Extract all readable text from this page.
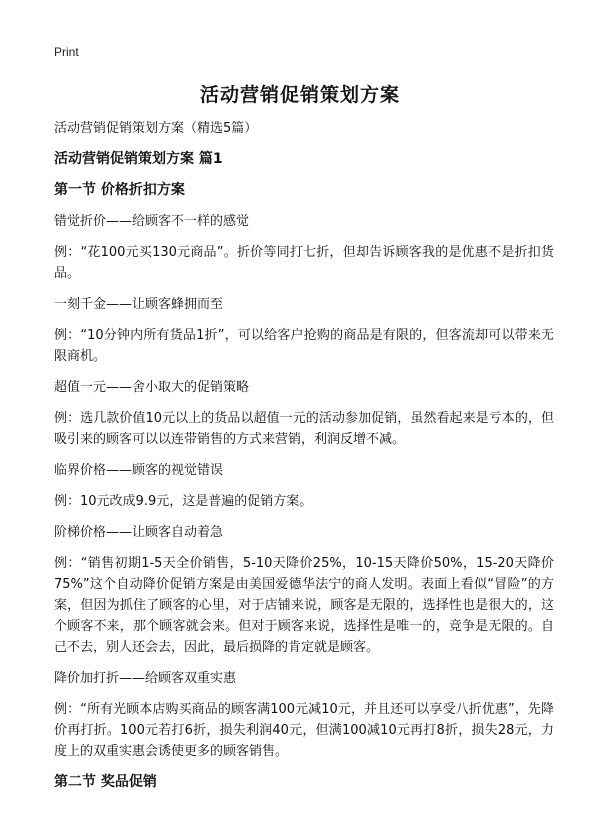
Print
活动营销促销策划方案
活动营销促销策划方案（精选5篇）
活动营销促销策划方案 篇1
第一节 价格折扣方案
错觉折价——给顾客不一样的感觉
例：“花100元买130元商品”。折价等同打七折，但却告诉顾客我的是优惠不是折扣货品。
一刻千金——让顾客蜂拥而至
例：“10分钟内所有货品1折”，可以给客户抢购的商品是有限的，但客流却可以带来无限商机。
超值一元——舍小取大的促销策略
例：选几款价值10元以上的货品以超值一元的活动参加促销，虽然看起来是亏本的，但吸引来的顾客可以以连带销售的方式来营销，利润反增不减。
临界价格——顾客的视觉错误
例：10元改成9.9元，这是普遍的促销方案。
阶梯价格——让顾客自动着急
例：“销售初期1-5天全价销售，5-10天降价25%，10-15天降价50%，15-20天降价75%”这个自动降价促销方案是由美国爱德华法宁的商人发明。表面上看似“冒险”的方案，但因为抓住了顾客的心里，对于店铺来说，顾客是无限的，选择性也是很大的，这个顾客不来，那个顾客就会来。但对于顾客来说，选择性是唯一的，竞争是无限的。自己不去，别人还会去，因此，最后损降的肯定就是顾客。
降价加打折——给顾客双重实惠
例：“所有光顾本店购买商品的顾客满100元减10元，并且还可以享受八折优惠”，先降价再打折。100元若打6折，损失利润40元，但满100减10元再打8折，损失28元，力度上的双重实惠会诱使更多的顾客销售。
第二节 奖品促销
